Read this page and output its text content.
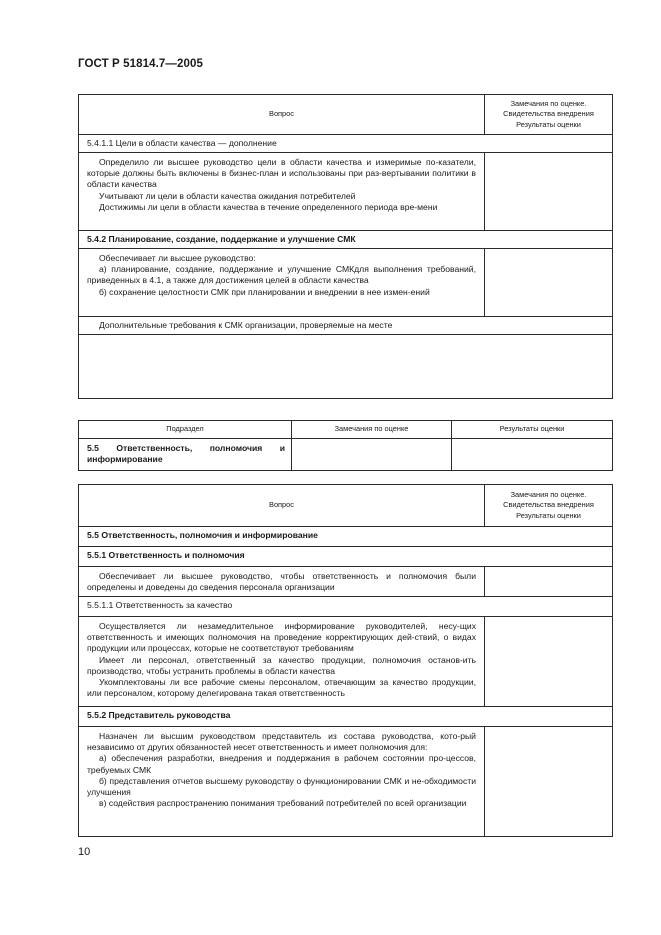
ГОСТ Р 51814.7—2005
Вопрос	Замечания по оценке.
Свидетельства внедрения
Результаты оценки

5.4.1.1 Цели в области качества — дополнение	

Определило ли высшее руководство цели в области качества и измеримые по-казатели, которые должны быть включены в бизнес-план и использованы при раз-вертывании политики в области качества

Учитывают ли цели в области качества ожидания потребителей

Достижимы ли цели в области качества в течение определенного периода вре-мени	

5.4.2 Планирование, создание, поддержание и улучшение СМК	

Обеспечивает ли высшее руководство:

а) планирование, создание, поддержание и улучшение СМКдля выполнения требований, приведенных в 4.1, а также для достижения целей в области качества

б) сохранение целостности СМК при планировании и внедрении в нее измен-ений	

Дополнительные требования к СМК организации, проверяемые на месте	

Подраздел	Замечания по оценке	Результаты оценки
5.5 Ответственность, полномочия и информирование		
Вопрос	Замечания по оценке.
Свидетельства внедрения
Результаты оценки

5.5 Ответственность, полномочия и информирование	
5.5.1 Ответственность и полномочия	

Обеспечивает ли высшее руководство, чтобы ответственность и полномочия были определены и доведены до сведения персонала организации	

5.5.1.1 Ответственность за качество	

Осуществляется ли незамедлительное информирование руководителей, несу-щих ответственность и имеющих полномочия на проведение корректирующих дей-ствий, о видах продукции или процессах, которые не соответствуют требованиям

Имеет ли персонал, ответственный за качество продукции, полномочия останов-ить производство, чтобы устранить проблемы в области качества

Укомплектованы ли все рабочие смены персоналом, отвечающим за качество продукции, или персоналом, которому делегирована такая ответственность	

5.5.2 Представитель руководства	

Назначен ли высшим руководством представитель из состава руководства, кото-рый независимо от других обязанностей несет ответственность и имеет полномочия для:

а) обеспечения разработки, внедрения и поддержания в рабочем состоянии про-цессов, требуемых СМК

б) представления отчетов высшему руководству о функционировании СМК и не-обходимости улучшения

в) содействия распространению понимания требований потребителей по всей организации	

10
